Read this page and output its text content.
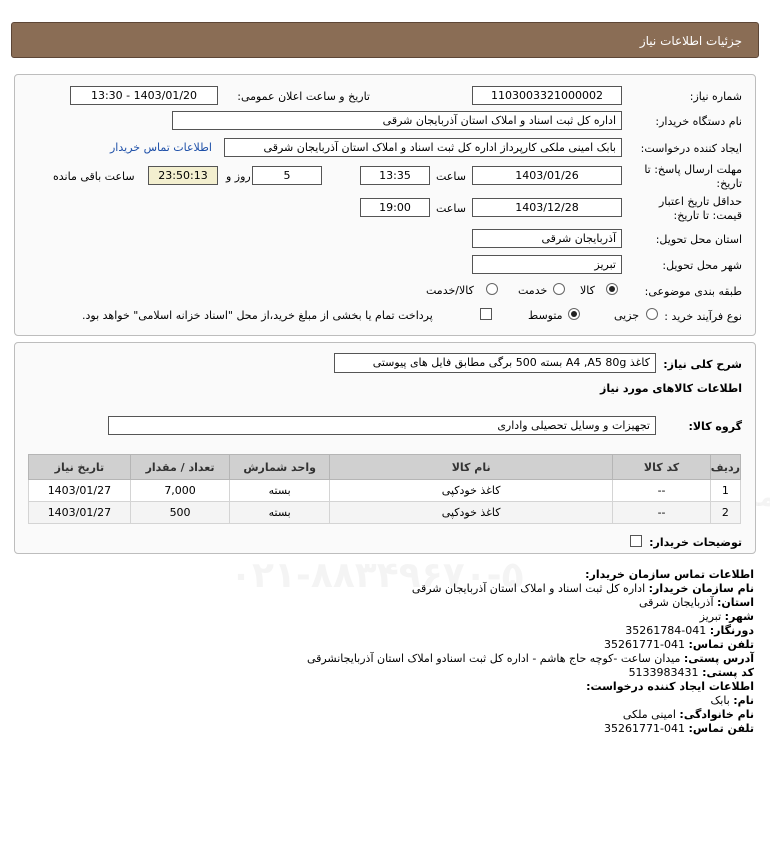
جزئیات اطلاعات نیاز
شماره نیاز:
1103003321000002
تاریخ و ساعت اعلان عمومی:
1403/01/20 - 13:30
نام دستگاه خریدار:
اداره کل ثبت اسناد و املاک استان آذربایجان شرقی
ایجاد کننده درخواست:
بابک امینی ملکی کارپرداز اداره کل ثبت اسناد و املاک استان آذربایجان شرقی
اطلاعات تماس خریدار
مهلت ارسال پاسخ: تا
تاریخ:
1403/01/26
ساعت
13:35
5
روز و
23:50:13
ساعت باقی مانده
حداقل تاریخ اعتبار
قیمت: تا تاریخ:
1403/12/28
ساعت
19:00
استان محل تحویل:
آذربایجان شرقی
شهر محل تحویل:
تبریز
طبقه بندی موضوعی:
کالا
خدمت
کالا/خدمت
نوع فرآیند خرید :
جزیی
متوسط
پرداخت تمام یا بخشی از مبلغ خرید،از محل "اسناد خزانه اسلامی" خواهد بود.
شرح کلی نیاز:
کاغذ A4 ,A5 80g بسته 500 برگی مطابق فایل های پیوستی
اطلاعات کالاهای مورد نیاز
گروه کالا:
تجهیزات و وسایل تحصیلی واداری
ردیف	کد کالا	نام کالا	واحد شمارش	تعداد / مقدار	تاریخ نیاز
1	--	کاغذ خودکپی	بسته	7,000	1403/01/27
2	--	کاغذ خودکپی	بسته	500	1403/01/27
توضیحات خریدار:
اطلاعات تماس سازمان خریدار:
نام سازمان خریدار: اداره کل ثبت اسناد و املاک استان آذربایجان شرقی
استان: آذربایجان شرقی
شهر: تبریز
دورنگار: 041-35261784
تلفن تماس: 041-35261771
آدرس پستی: میدان ساعت -کوچه حاج هاشم - اداره کل ثبت اسنادو املاک استان آذربایجانشرقی
کد پستی: 5133983431
اطلاعات ایجاد کننده درخواست:
نام: بابک
نام خانوادگی: امینی ملکی
تلفن تماس: 041-35261771
